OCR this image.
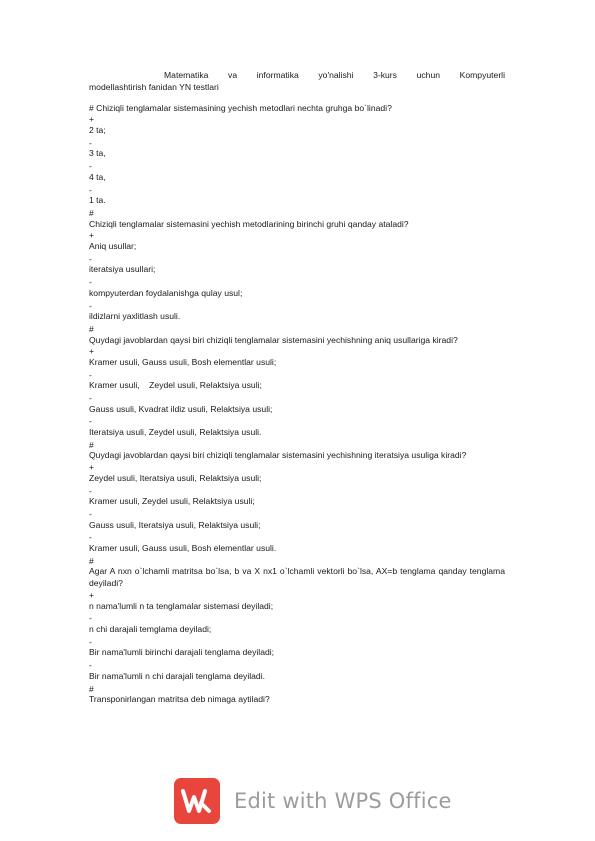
Matematika va informatika yo'nalishi 3-kurs uchun Kompyuterli
modellashtirish fanidan YN testlari
# Chiziqli tenglamalar sistemasining yechish metodlari nechta gruhga bo`linadi?
+
2 ta;
-
3 ta,
-
4 ta,
-
1 ta.
#
Chiziqli tenglamalar sistemasini yechish metodlarining birinchi gruhi qanday ataladi?
+
Aniq usullar;
-
iteratsiya usullari;
-
kompyuterdan foydalanishga qulay usul;
-
ildizlarni yaxlitlash usuli.
#
Quydagi javoblardan qaysi biri chiziqli tenglamalar sistemasini yechishning aniq usullariga kiradi?
+
Kramer usuli, Gauss usuli, Bosh elementlar usuli;
-
Kramer usuli,    Zeydel usuli, Relaktsiya usuli;
-
Gauss usuli, Kvadrat ildiz usuli, Relaktsiya usuli;
-
Iteratsiya usuli, Zeydel usuli, Relaktsiya usuli.
#
Quydagi javoblardan qaysi biri chiziqli tenglamalar sistemasini yechishning iteratsiya usuliga kiradi?
+
Zeydel usuli, Iteratsiya usuli, Relaktsiya usuli;
-
Kramer usuli, Zeydel usuli, Relaktsiya usuli;
-
Gauss usuli, Iteratsiya usuli, Relaktsiya usuli;
-
Kramer usuli, Gauss usuli, Bosh elementlar usuli.
#
Agar A nxn o`lchamli matritsa bo`lsa, b va X nx1 o`lchamli vektorli bo`lsa, AX=b tenglama qanday tenglama deyiladi?
+
n nama'lumli n ta tenglamalar sistemasi deyiladi;
-
n chi darajali temglama deyiladi;
-
Bir nama'lumli birinchi darajali tenglama deyiladi;
-
Bir nama'lumli n chi darajali tenglama deyiladi.
#
Transponirlangan matritsa deb nimaga aytiladi?
Edit with WPS Office
